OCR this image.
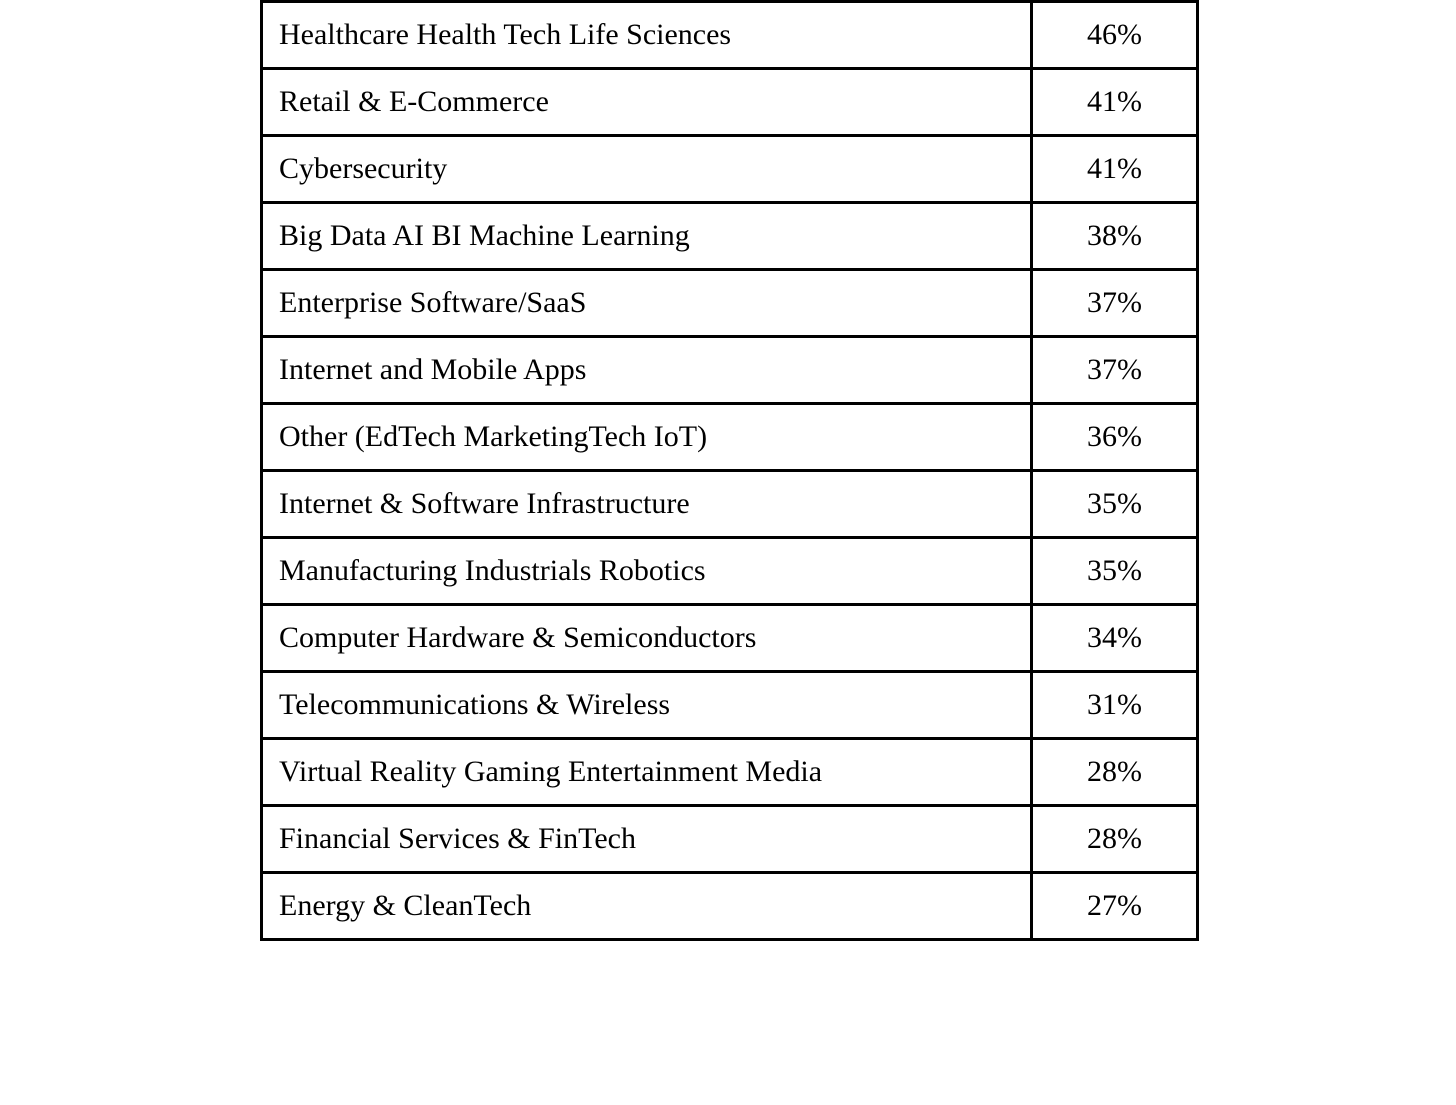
Healthcare Health Tech Life Sciences	46%
Retail & E-Commerce	41%
Cybersecurity	41%
Big Data AI BI Machine Learning	38%
Enterprise Software/SaaS	37%
Internet and Mobile Apps	37%
Other (EdTech MarketingTech IoT)	36%
Internet & Software Infrastructure	35%
Manufacturing Industrials Robotics	35%
Computer Hardware & Semiconductors	34%
Telecommunications & Wireless	31%
Virtual Reality Gaming Entertainment Media	28%
Financial Services & FinTech	28%
Energy & CleanTech	27%
